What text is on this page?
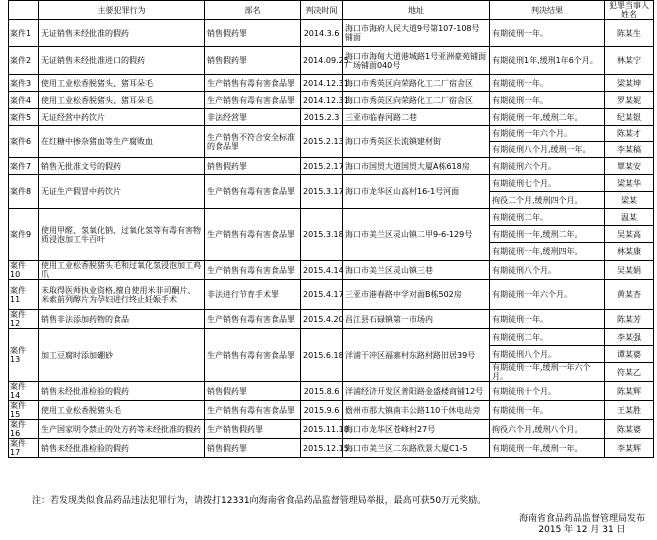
	主要犯罪行为	部名	判决时间	地址	判决结果	犯罪当事人姓名
案件1	无证销售未经批准的假药	销售假药罪	2014.3.6	海口市海府人民大道9号第107-108号铺面	有期徒刑一年。	陈某生
案件2	无证销售未经批准进口的假药	销售假药罪	2014.09.25	海口市海甸大道港城路1号亚洲豪苑铺面广场铺面040号	有期徒刑1年,缓刑1年6个月。	林某宁
案件3	使用工业松香脱猪头、猪耳朵毛	生产销售有毒有害食品罪	2014.12.31	海口市秀英区向荣路化工二厂宿舍区	有期徒刑一年。	梁某坤
案件4	使用工业松香脱猪头、猪耳朵毛	生产销售有毒有害食品罪	2014.12.31	海口市秀英区向荣路化工二厂宿舍区	有期徒刑一年。	罗某妮
案件5	无证经营中药饮片	非法经营罪	2015.2.3	三亚市临春河路二巷	有期徒刑一年,缓刑二年。	纪某银
案件6	在红糖中掺杂猪血等生产腐败血	生产销售不符合安全标准的食品罪	2015.2.13	海口市秀英区长流镇建材街	有期徒刑一年六个月。	陈某才
					有期徒刑八个月,缓刑一年。	李某稿
案件7	销售无批准文号的假药	销售假药罪	2015.2.17	海口市国贸大道国贸大厦A栋618房	有期徒刑六个月。	覃某安
案件8	无证生产假冒中药饮片	生产销售有毒有害食品罪	2015.3.17	海口市龙华区山高村16-1号河面	有期徒刑七个月。	梁某华
					拘役二个月,缓刑四个月。	梁某
案件9	使用甲醛、氢氧化钠、过氧化氢等有毒有害物质浸泡加工牛百叶	生产销售有毒有害食品罪	2015.3.18	海口市美兰区灵山镇二甲9-6-129号	有期徒刑二年。	温某
					有期徒刑一年,缓刑二年。	吴某高
					有期徒刑一年,缓刑四年。	林某康
案件10	使用工业松香脱猪头毛和过氧化氢浸泡加工鸡爪	生产销售有毒有害食品罪	2015.4.14	海口市美兰区灵山镇三巷	有期徒刑八个月。	吴某娟
案件11	未取得医师执业资格,擅自使用米非司酮片、米索前列醇片为孕妇进行终止妊娠手术	非法进行节育手术罪	2015.4.17	三亚市港春路中学对面B栋502房	有期徒刑一年六个月。	黄某杏
案件12	销售非法添加药物的食品	生产销售有毒有害食品罪	2015.4.20	昌江县石碌镇第一市场内	有期徒刑一年。	陈某芳
案件13	加工豆腐时添加硼砂	生产销售有毒有害食品罪	2015.6.18	洋浦干冲区福寨村东路村路旧居39号	有期徒刑二年。	李某强
					有期徒刑八个月。	谭某婆
					有期徒刑一年,缓刑一年六个月。	符某乙
案件14	销售未经批准检验的假药	销售假药罪	2015.8.6	洋浦经济开发区普阳路金盛楼商铺12号	有期徒刑十个月。	陈某辉
案件15	使用工业松香脱猪头毛	生产销售有毒有害食品罪	2015.9.6	儋州市那大镇南丰公路110干休电站旁	有期徒刑一年。	王某胜
案件16	生产国家明令禁止的处方药等未经批准的假药	生产销售假药罪	2015.11.18	海口市龙华区苍峰村27号	拘役六个月,缓刑八个月。	陈某婆
案件17	销售未经批准检验的假药	销售假药罪	2015.12.15	海口市美兰区二东路欣景大厦C1-5	有期徒刑一年,缓刑一年。	李某辉
注：若发现类似食品药品违法犯罪行为，请拨打12331向海南省食品药品监督管理局举报，最高可获50万元奖励。
海南省食品药品监督管理局发布
2015 年 12 月 31 日
